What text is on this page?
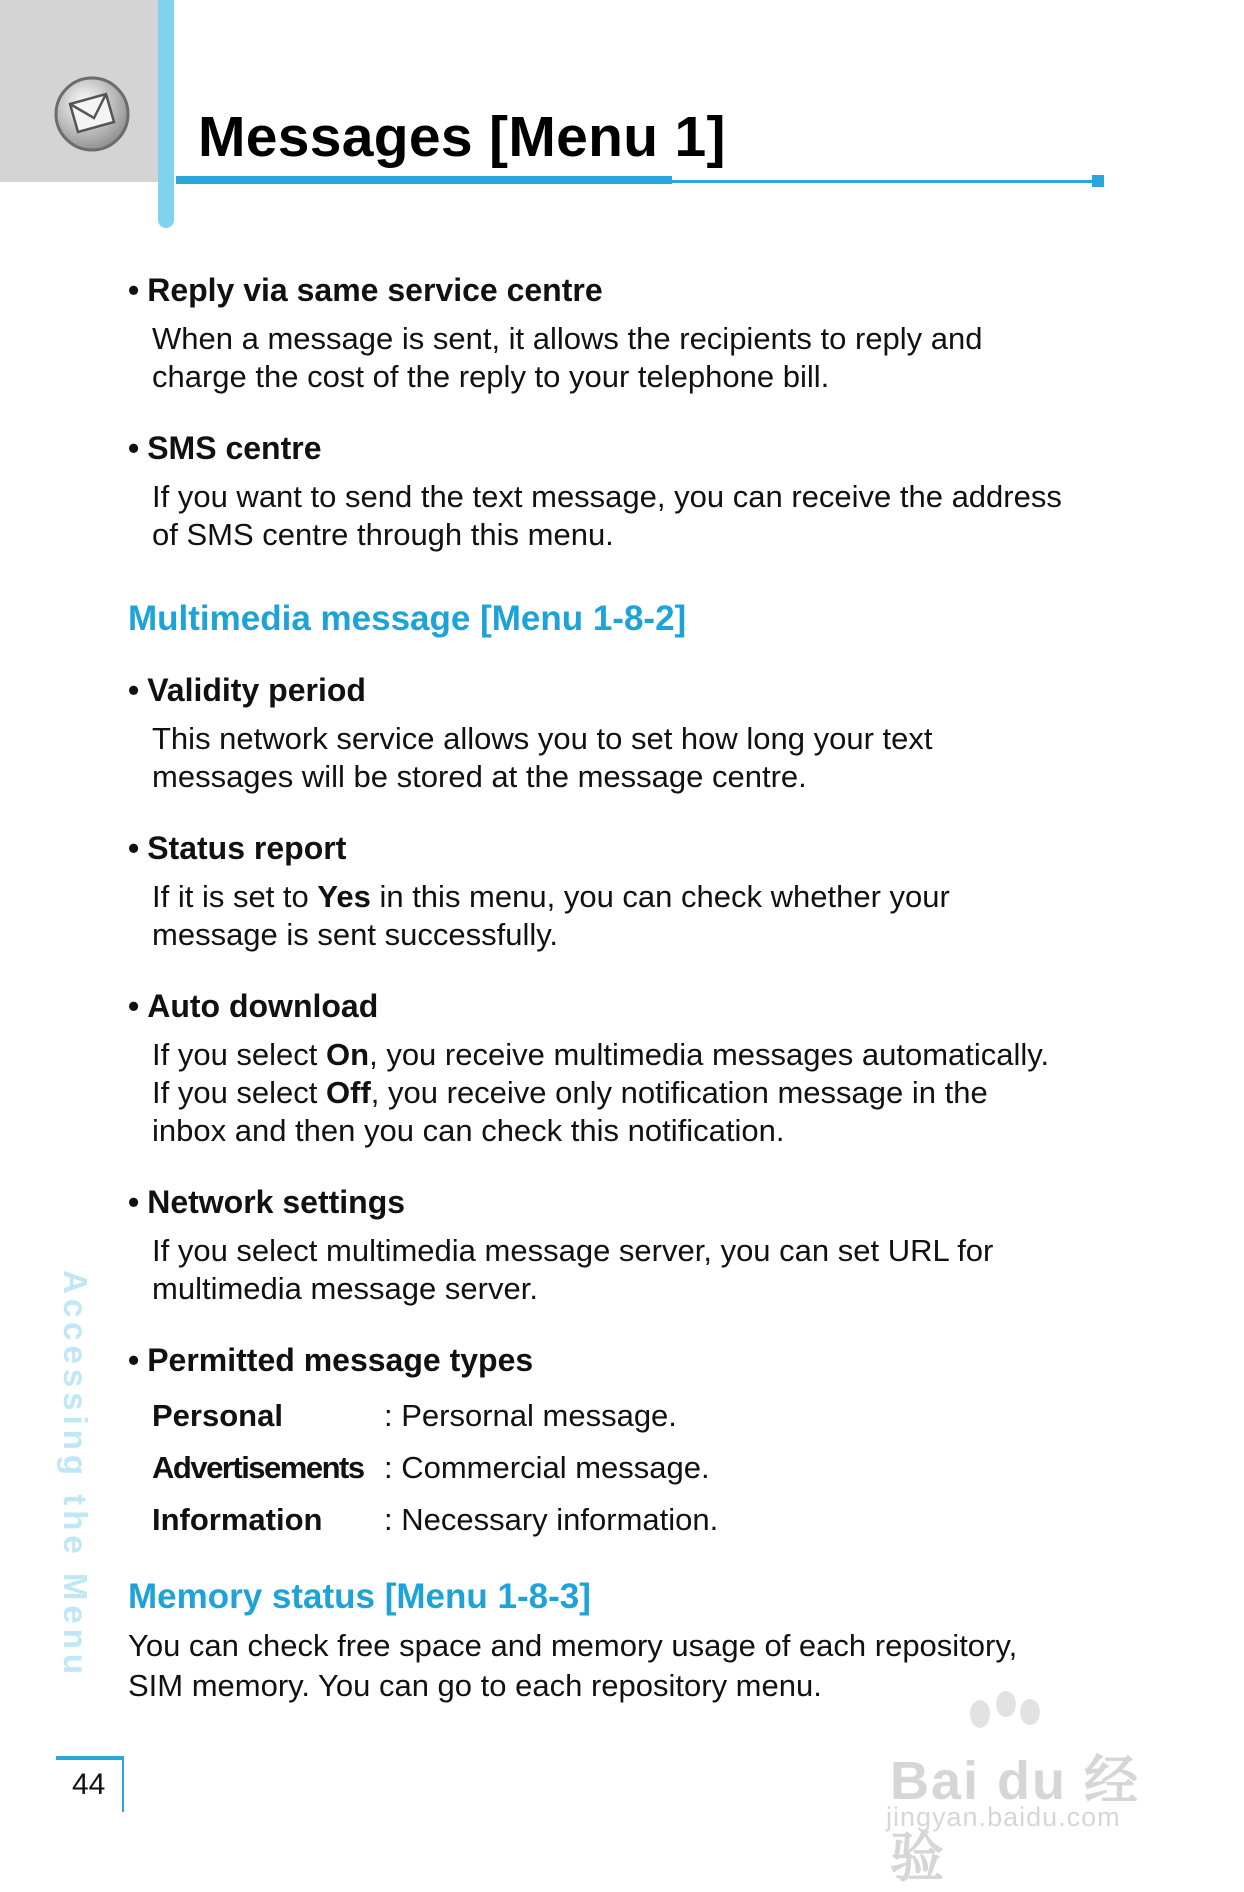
Messages [Menu 1]
• Reply via same service centre

When a message is sent, it allows the recipients to reply and
charge the cost of the reply to your telephone bill.

• SMS centre

If you want to send the text message, you can receive the address
of SMS centre through this menu.

Multimedia message [Menu 1-8-2]
• Validity period

This network service allows you to set how long your text
messages will be stored at the message centre.

• Status report

If it is set to Yes in this menu, you can check whether your
message is sent successfully.

• Auto download

If you select On, you receive multimedia messages automatically.
If you select Off, you receive only notification message in the
inbox and then you can check this notification.

• Network settings

If you select multimedia message server, you can set URL for
multimedia message server.

• Permitted message types
Personal	: Persornal message.
Advertisements : Commercial message.
Information	: Necessary information.
Memory status [Menu 1-8-3]

You can check free space and memory usage of each repository,
SIM memory. You can go to each repository menu.

Accessing the Menu
44	Bai du 经验
jingyan.baidu.com
